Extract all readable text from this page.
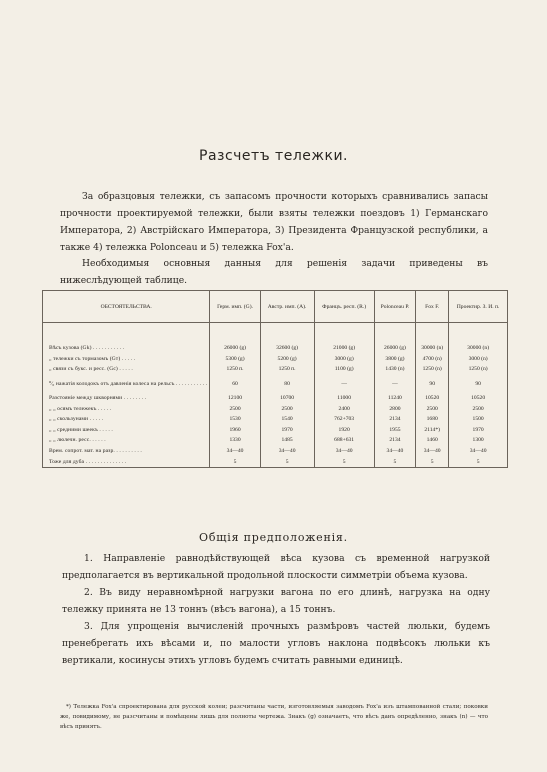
Разсчетъ тележки.

За образцовыя тележки, съ запасомъ прочности которыхъ сравнивались запасы прочности проектируемой тележки, были взяты тележки поездовъ 1) Германскаго Императора, 2) Австрiйскаго Императора, 3) Президента Французской республики, а также 4) тележка Polonceau и 5) тележка Fox'a.

Необходимыя основныя данныя для решенiя задачи приведены въ нижеслѣдующей таблице.

ОБСТОЯТЕЛЬСТВА.	Герм. имп. (G).	Австр. имп. (A).	Францъ. респ. (R.)	Polonceau P.	Fox F.	Проектир. З. И. п.

Вѣсъ кузова (Gk) . . . . . . . . . . .	26000 (g)	32600 (g)	21000 (g)	26000 (g)	30000 (n)	30000 (n)
„ тележки съ тормазомъ (Gт) . . . . .	5300 (g)	5200 (g)	3000 (g)	3800 (g)	4700 (n)	3000 (n)
„ связи съ букс. и ресс. (Gc) . . . . .	1250 п.	1250 п.	1100 (g)	1430 (n)	1250 (n)	1250 (n)
⁰⁄₀ нажатiя колодокъ отъ давленiя колеса на рельсъ . . . . . . . . . . .	60	80	—	—	90	90
Разстоянiе между шкворнями . . . . . . . .	12100	10700	11000	11240	10520	10520
„ „ осямъ тележекъ . . . . .	2500	2500	2400	2800	2500	2500
„ „ скользунами . . . . .	1530	1540	762+703	2134	1680	1500
„ „ средними шеекъ . . . . .	1960	1970	1920	1955	2114*)	1970
„ „ люлечн. ресс. . . . . .	1330	1485	688+631	2134	1460	1300
Врем. сопрот. мат. на разр. . . . . . . . . .	34—40	34—40	34—40	34—40	34—40	34—40
Тоже для дуба . . . . . . . . . . . . . .	5	5	5	5	5	5
Общiя предположенiя.

1. Направленiе равнодѣйствующей вѣса кузова съ временной нагрузкой предполагается въ вертикальной продольной плоскости симметрiи объема кузова.

2. Въ виду неравномѣрной нагрузки вагона по его длинѣ, нагрузка на одну тележку принята не 13 тоннъ (вѣсъ вагона), а 15 тоннъ.

3. Для упрощенiя вычисленiй прочныхъ размѣровъ частей люльки, будемъ пренебрегать ихъ вѣсами и, по малости угловъ наклона подвѣсокъ люльки къ вертикали, косинусы этихъ угловъ будемъ считать равными единицѣ.

*) Тележка Fox'a спроектирована для русской колеи; разсчитаны части, изготовляемыя заводомъ Fox'a изъ штампованной стали; поковки же, повидимому, не разсчитаны и помѣщены лишь для полноты чертежа. Знакъ (g) означаетъ, что вѣсъ данъ опредѣленно, знакъ (n) — что вѣсъ принятъ.
